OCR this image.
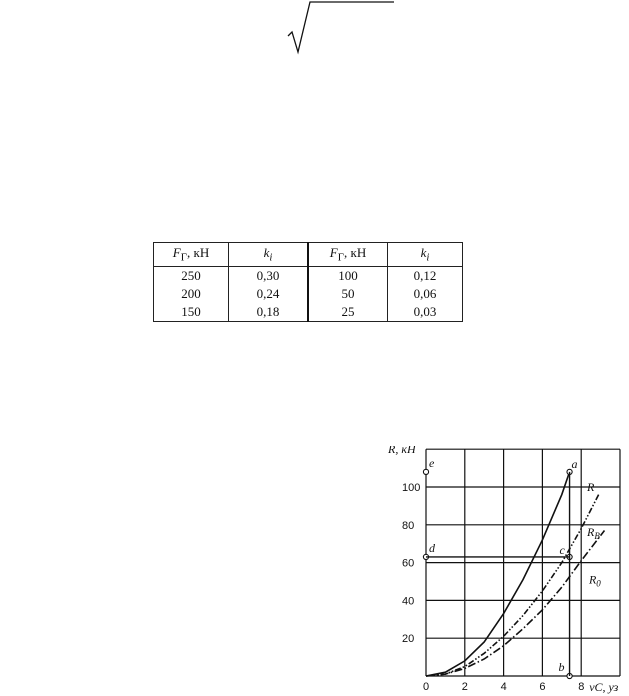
$F_Г$, кН	$k_i$	$F_Г$, кН	$k_i$
250	0,30	100	0,12
200	0,24	50	0,06
150	0,18	25	0,03
0	2	4	6	8
20
40
60
80
100
R, кН
vC, уз
R
$R_В$
$R_0$
a
b
c
d
e
